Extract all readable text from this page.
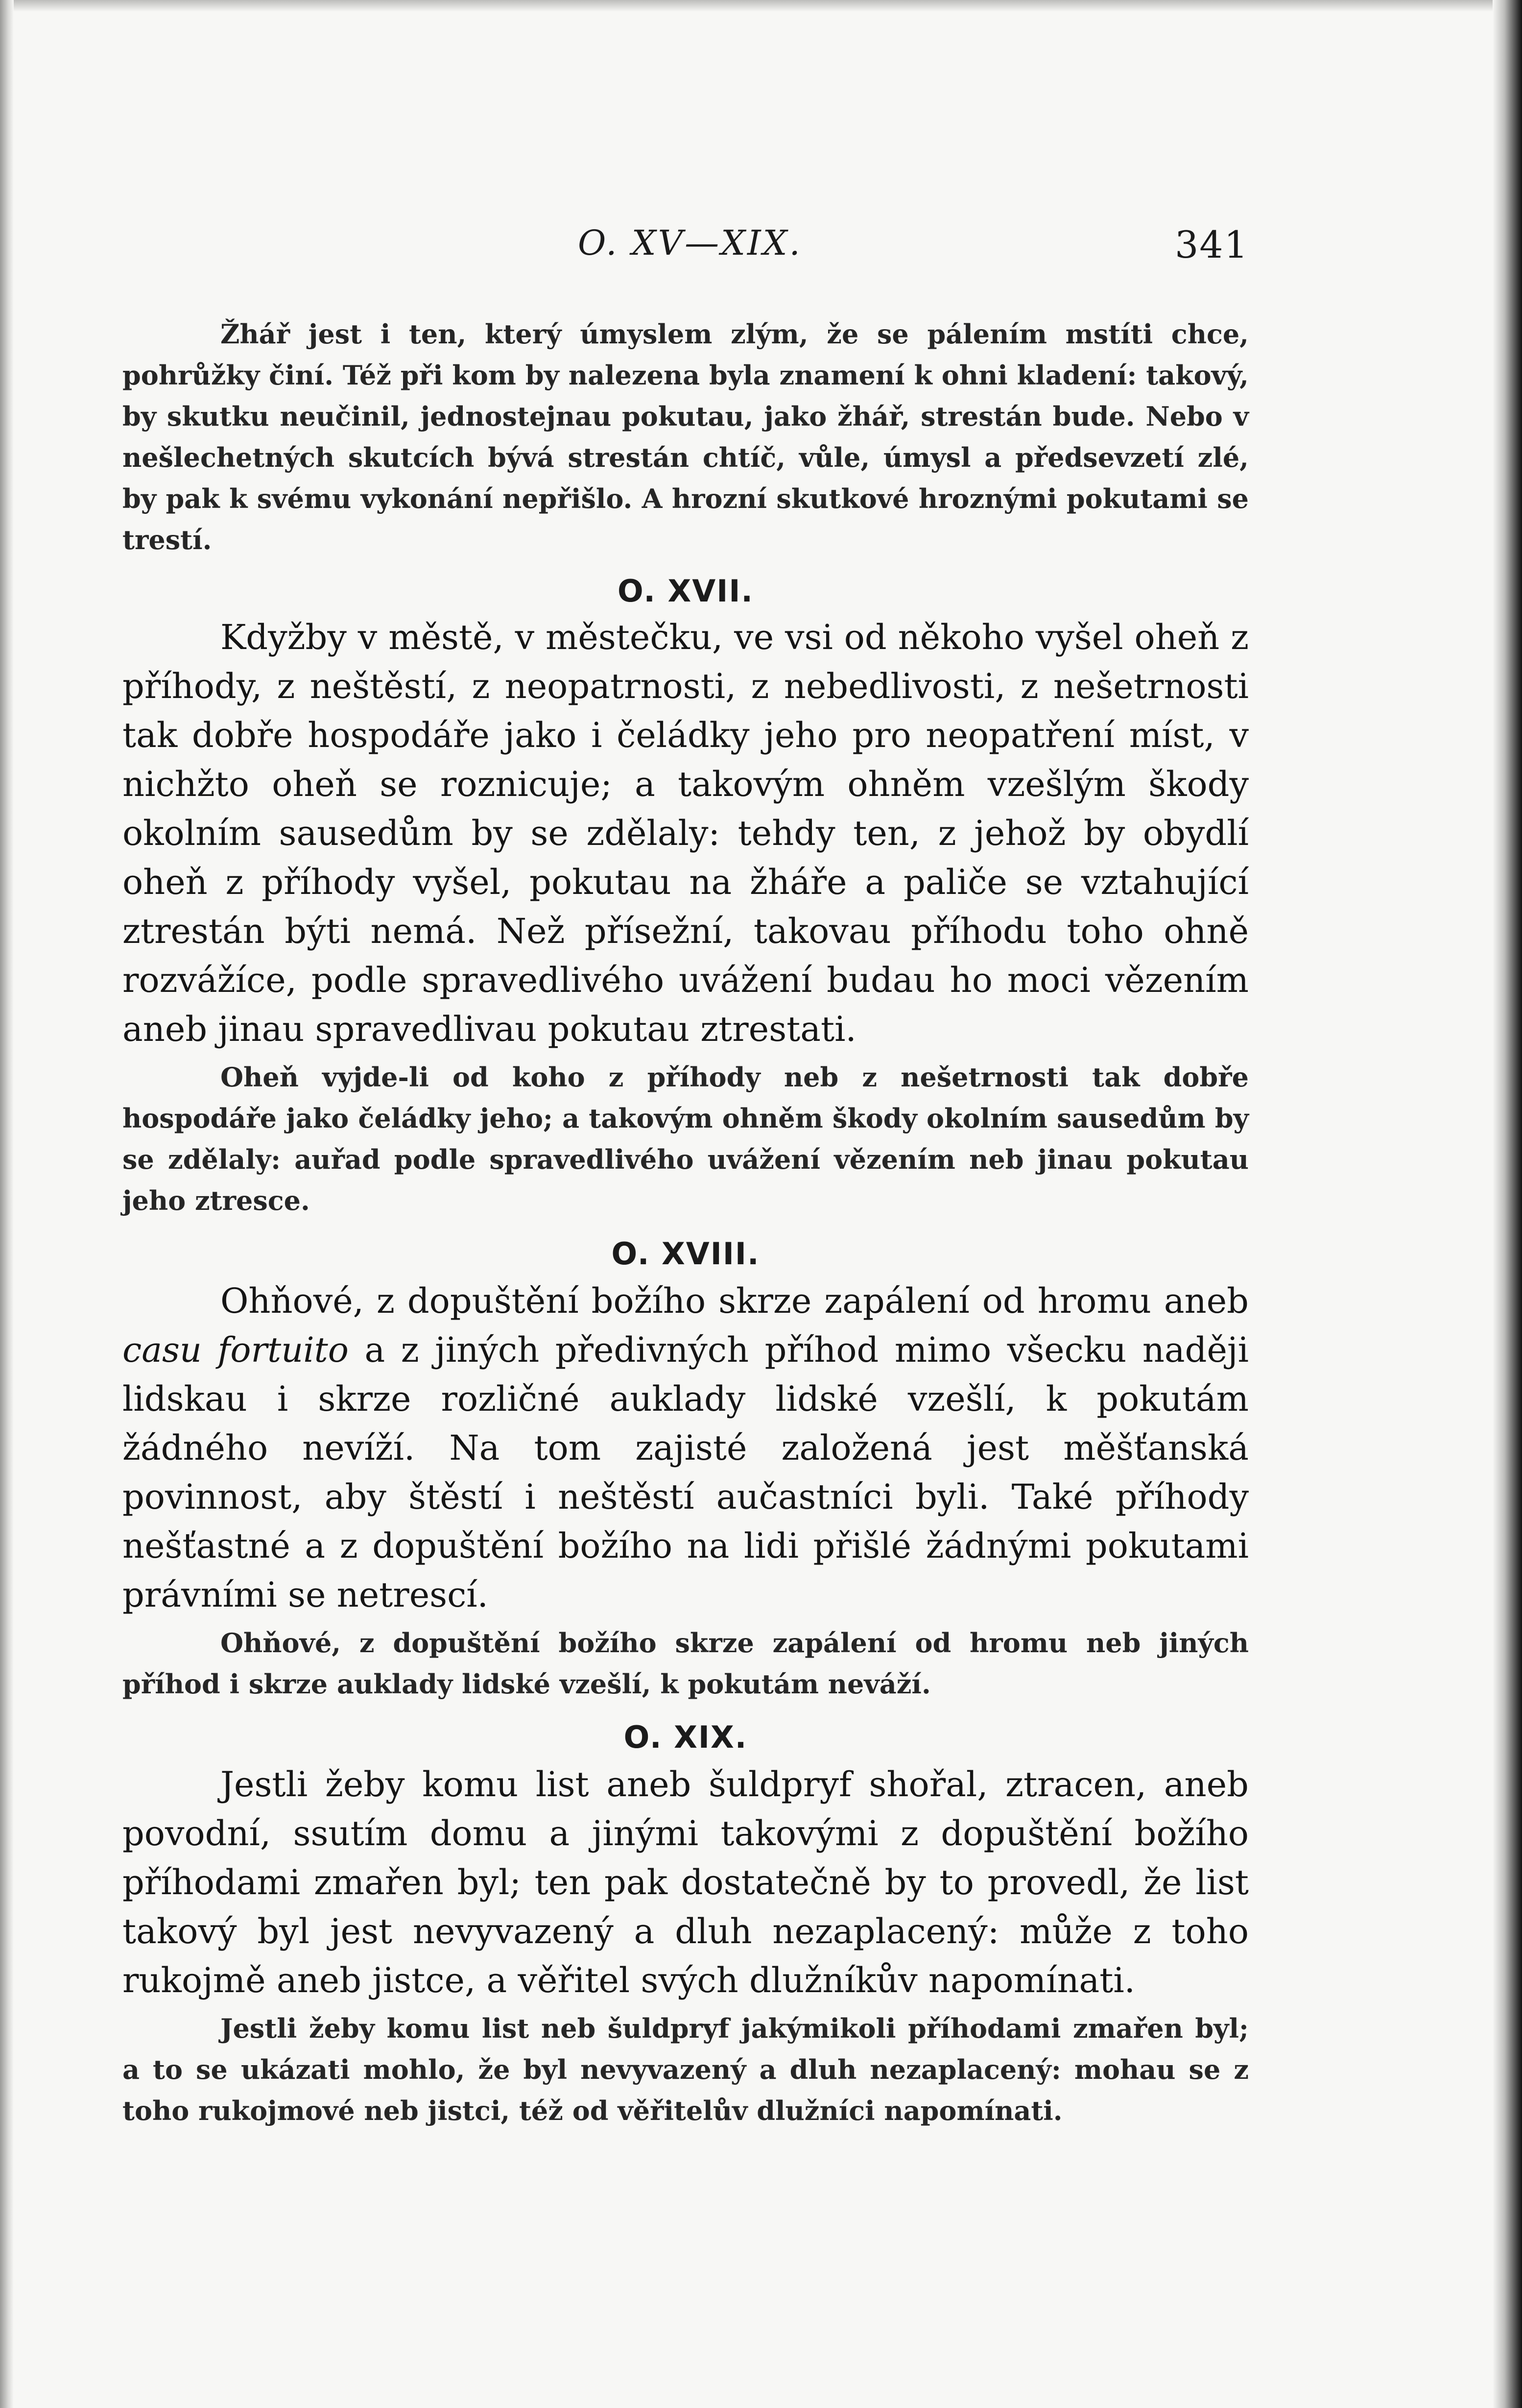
O. XV—XIX.	341

Žhář jest i ten, který úmyslem zlým, že se pálením mstíti chce, pohrůžky činí. Též při kom by nalezena byla znamení k ohni kladení: takový, by skutku neučinil, jednostejnau pokutau, jako žhář, strestán bude. Nebo v nešlechetných skutcích bývá strestán chtíč, vůle, úmysl a předsevzetí zlé, by pak k svému vykonání nepřišlo. A hrozní skutkové hroznými pokutami se trestí.

O. XVII.

Kdyžby v městě, v městečku, ve vsi od někoho vyšel oheň z příhody, z neštěstí, z neopatrnosti, z nebedlivosti, z nešetrnosti tak dobře hospodáře jako i čeládky jeho pro neopatření míst, v nichžto oheň se roznicuje; a takovým ohněm vzešlým škody okolním sausedům by se zdělaly: tehdy ten, z jehož by obydlí oheň z příhody vyšel, pokutau na žháře a paliče se vztahující ztrestán býti nemá. Než přísežní, takovau příhodu toho ohně rozvážíce, podle spravedlivého uvážení budau ho moci vězením aneb jinau spravedlivau pokutau ztrestati.

Oheň vyjde-li od koho z příhody neb z nešetrnosti tak dobře hospodáře jako čeládky jeho; a takovým ohněm škody okolním sausedům by se zdělaly: auřad podle spravedlivého uvážení vězením neb jinau pokutau jeho ztresce.

O. XVIII.

Ohňové, z dopuštění božího skrze zapálení od hromu aneb casu fortuito a z jiných předivných příhod mimo všecku naději lidskau i skrze rozličné auklady lidské vzešlí, k pokutám žádného nevíží. Na tom zajisté založená jest měšťanská povinnost, aby štěstí i neštěstí aučastníci byli. Také příhody nešťastné a z dopuštění božího na lidi přišlé žádnými pokutami právními se netrescí.

Ohňové, z dopuštění božího skrze zapálení od hromu neb jiných příhod i skrze auklady lidské vzešlí, k pokutám neváží.

O. XIX.

Jestli žeby komu list aneb šuldpryf shořal, ztracen, aneb povodní, ssutím domu a jinými takovými z dopuštění božího příhodami zmařen byl; ten pak dostatečně by to provedl, že list takový byl jest nevyvazený a dluh nezaplacený: může z toho rukojmě aneb jistce, a věřitel svých dlužníkův napomínati.

Jestli žeby komu list neb šuldpryf jakýmikoli příhodami zmařen byl; a to se ukázati mohlo, že byl nevyvazený a dluh nezaplacený: mohau se z toho rukojmové neb jistci, též od věřitelův dlužníci napomínati.
